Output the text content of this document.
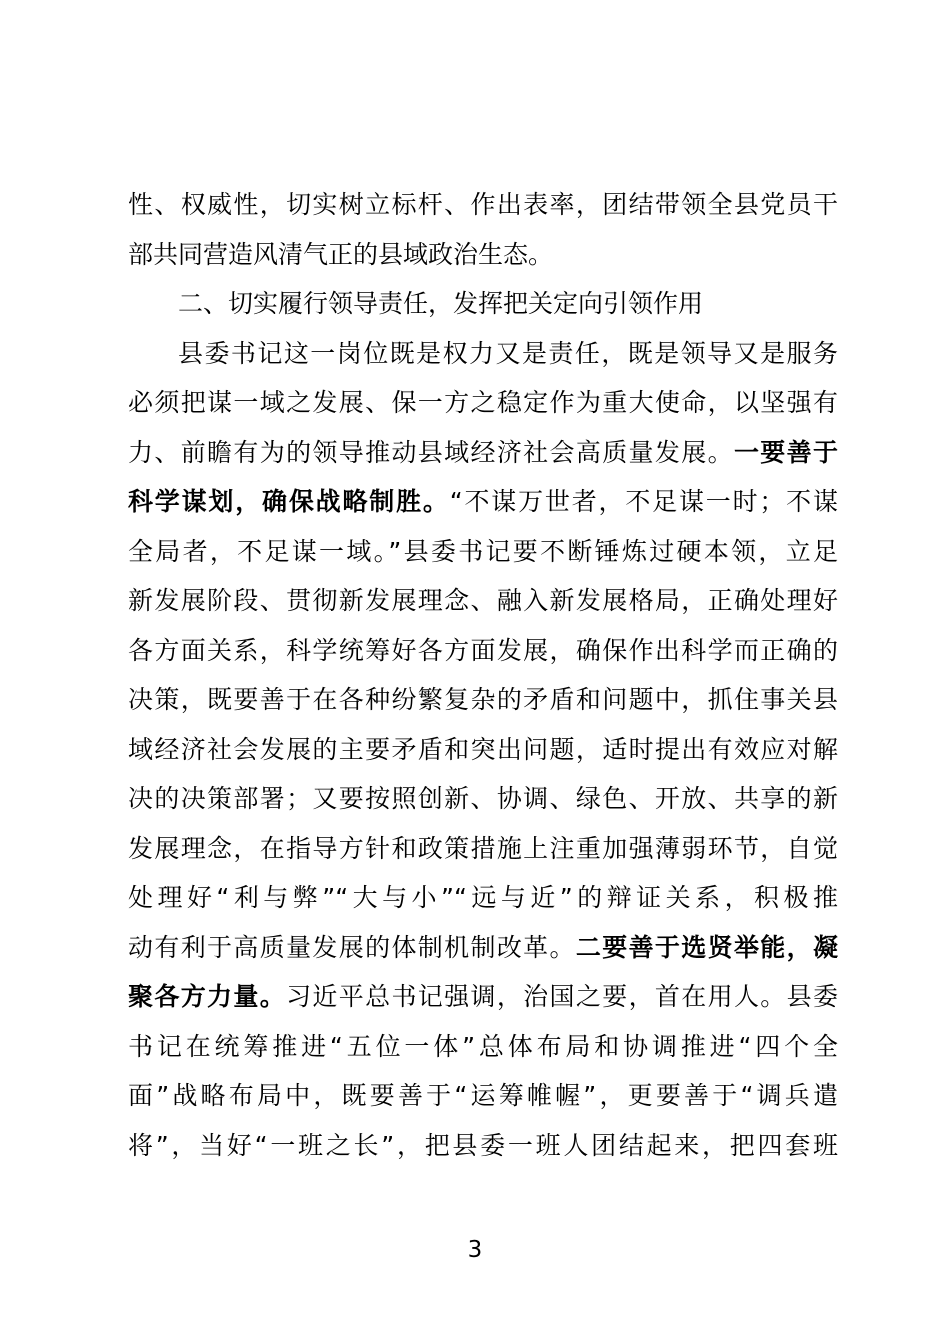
性、权威性，切实树立标杆、作出表率，团结带领全县党员干
部共同营造风清气正的县域政治生态。
二、切实履行领导责任，发挥把关定向引领作用
县委书记这一岗位既是权力又是责任，既是领导又是服务
必须把谋一域之发展、保一方之稳定作为重大使命，以坚强有
力、前瞻有为的领导推动县域经济社会高质量发展。一要善于
科学谋划，确保战略制胜。“不谋万世者，不足谋一时；不谋
全局者，不足谋一域。”县委书记要不断锤炼过硬本领，立足
新发展阶段、贯彻新发展理念、融入新发展格局，正确处理好
各方面关系，科学统筹好各方面发展，确保作出科学而正确的
决策，既要善于在各种纷繁复杂的矛盾和问题中，抓住事关县
域经济社会发展的主要矛盾和突出问题，适时提出有效应对解
决的决策部署；又要按照创新、协调、绿色、开放、共享的新
发展理念，在指导方针和政策措施上注重加强薄弱环节，自觉
处理好“利与弊”“大与小”“远与近”的辩证关系，积极推
动有利于高质量发展的体制机制改革。二要善于选贤举能，凝
聚各方力量。习近平总书记强调，治国之要，首在用人。县委
书记在统筹推进“五位一体”总体布局和协调推进“四个全
面”战略布局中，既要善于“运筹帷幄”，更要善于“调兵遣
将”，当好“一班之长”，把县委一班人团结起来，把四套班
3
